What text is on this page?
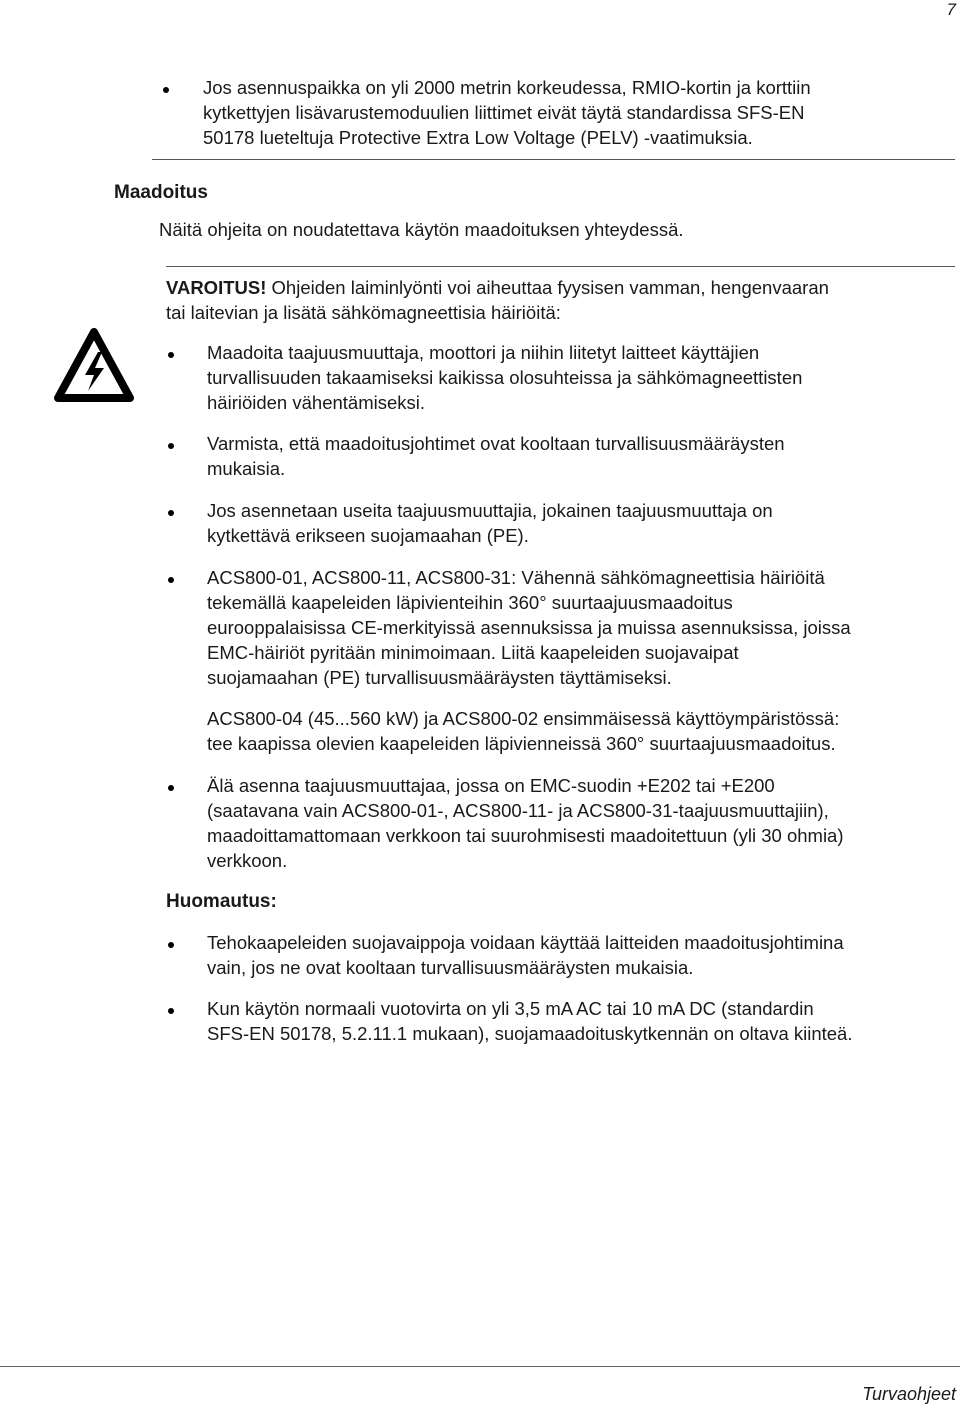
7
Jos asennuspaikka on yli 2000 metrin korkeudessa, RMIO-kortin ja korttiin
kytkettyjen lisävarustemoduulien liittimet eivät täytä standardissa SFS-EN
50178 lueteltuja Protective Extra Low Voltage (PELV) -vaatimuksia.
Maadoitus
Näitä ohjeita on noudatettava käytön maadoituksen yhteydessä.
VAROITUS! Ohjeiden laiminlyönti voi aiheuttaa fyysisen vamman, hengenvaaran
tai laitevian ja lisätä sähkömagneettisia häiriöitä:
Maadoita taajuusmuuttaja, moottori ja niihin liitetyt laitteet käyttäjien
turvallisuuden takaamiseksi kaikissa olosuhteissa ja sähkömagneettisten
häiriöiden vähentämiseksi.
Varmista, että maadoitusjohtimet ovat kooltaan turvallisuusmääräysten
mukaisia.
Jos asennetaan useita taajuusmuuttajia, jokainen taajuusmuuttaja on
kytkettävä erikseen suojamaahan (PE).
ACS800-01, ACS800-11, ACS800-31: Vähennä sähkömagneettisia häiriöitä
tekemällä kaapeleiden läpivienteihin 360° suurtaajuusmaadoitus
eurooppalaisissa CE-merkityissä asennuksissa ja muissa asennuksissa, joissa
EMC-häiriöt pyritään minimoimaan. Liitä kaapeleiden suojavaipat
suojamaahan (PE) turvallisuusmääräysten täyttämiseksi.
ACS800-04 (45...560 kW) ja ACS800-02 ensimmäisessä käyttöympäristössä:
tee kaapissa olevien kaapeleiden läpivienneissä 360° suurtaajuusmaadoitus.
Älä asenna taajuusmuuttajaa, jossa on EMC-suodin +E202 tai +E200
(saatavana vain ACS800-01-, ACS800-11- ja ACS800-31-taajuusmuuttajiin),
maadoittamattomaan verkkoon tai suurohmisesti maadoitettuun (yli 30 ohmia)
verkkoon.
Huomautus:
Tehokaapeleiden suojavaippoja voidaan käyttää laitteiden maadoitusjohtimina
vain, jos ne ovat kooltaan turvallisuusmääräysten mukaisia.
Kun käytön normaali vuotovirta on yli 3,5 mA AC tai 10 mA DC (standardin
SFS-EN 50178, 5.2.11.1 mukaan), suojamaadoituskytkennän on oltava kiinteä.
Turvaohjeet
